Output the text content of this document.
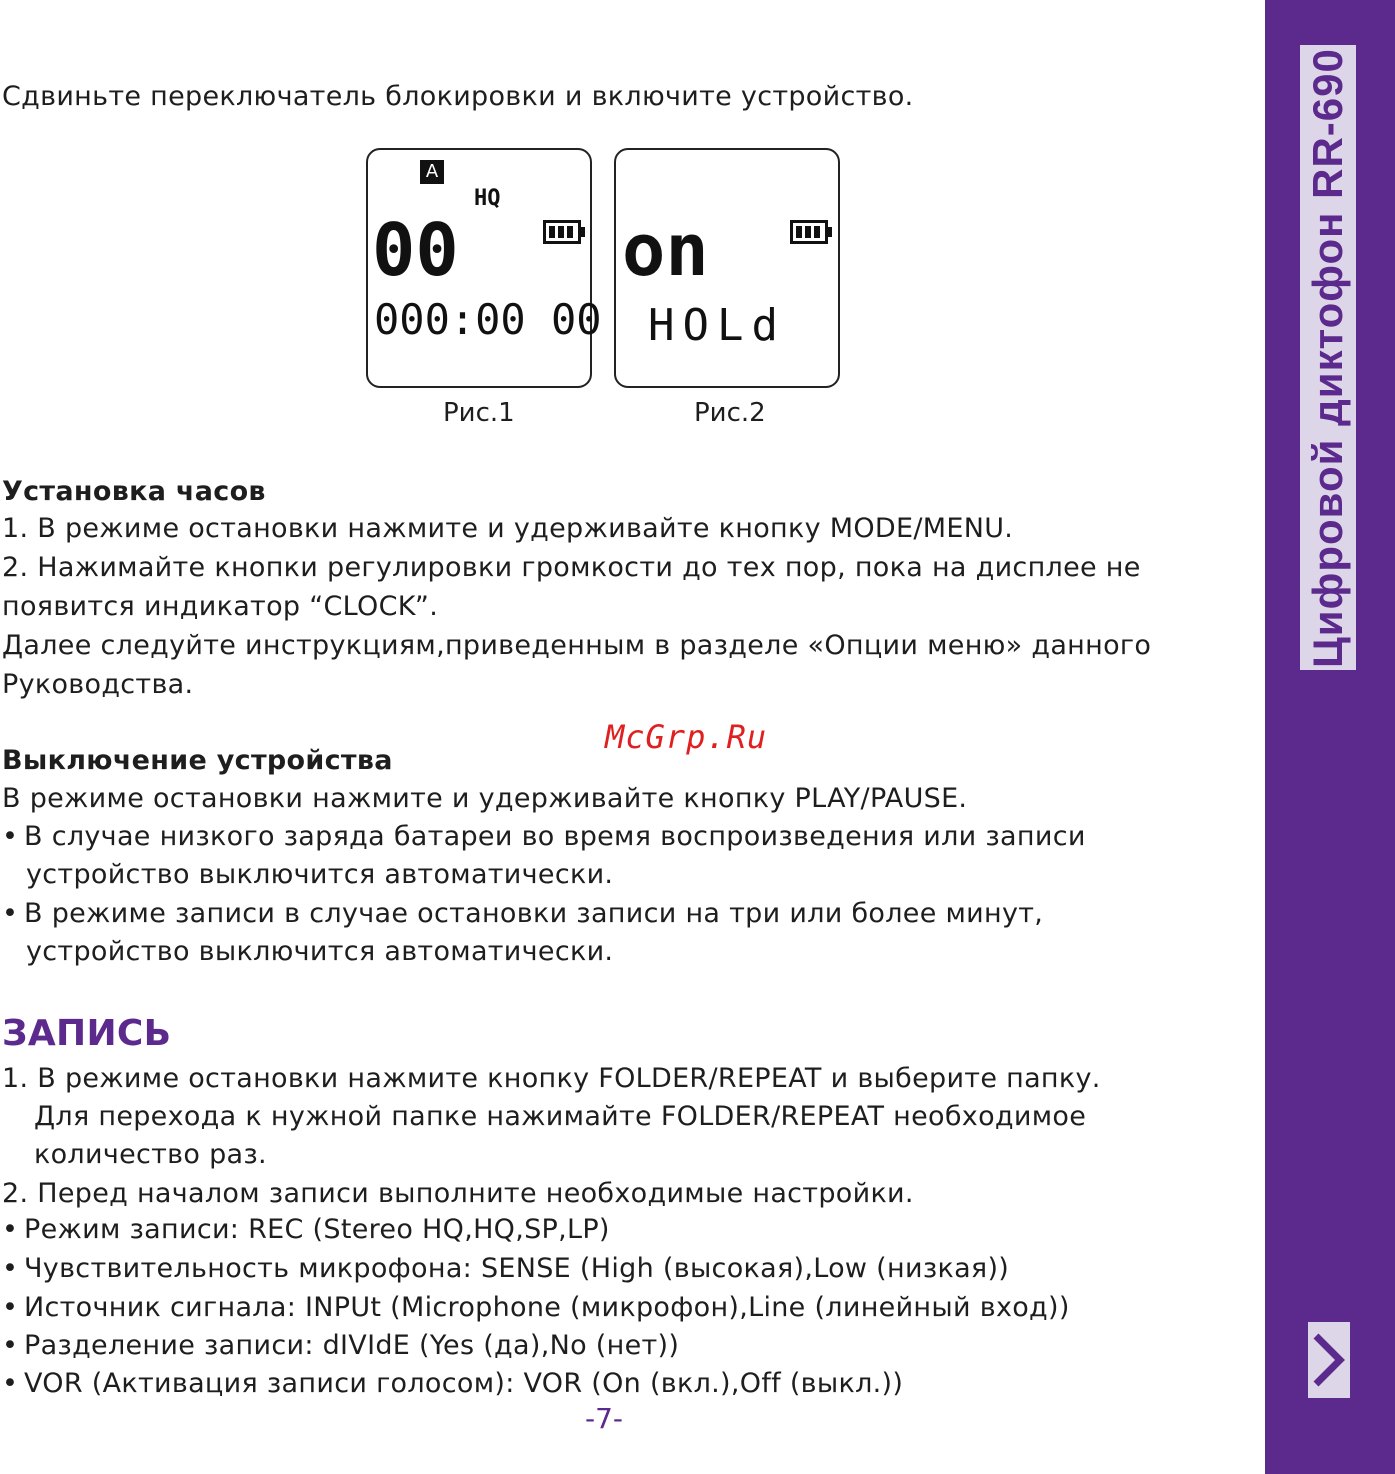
Сдвиньте переключатель блокировки и включите устройство.
A
HQ
00
000:00 00
Рис.1
on
HOLd
Рис.2
Установка часов
1. В режиме остановки нажмите и удерживайте кнопку MODE/MENU.
2. Нажимайте кнопки регулировки громкости до тех пор, пока на дисплее не
появится индикатор “CLOCK”.
Далее следуйте инструкциям,приведенным в разделе «Опции меню» данного
Руководства.
McGrp.Ru
Выключение устройства
В режиме остановки нажмите и удерживайте кнопку PLAY/PAUSE.
• В случае низкого заряда батареи во время воспроизведения или записи
устройство выключится автоматически.
• В режиме записи в случае остановки записи на три или более минут,
устройство выключится автоматически.
ЗАПИСЬ
1. В режиме остановки нажмите кнопку FOLDER/REPEAT и выберите папку.
Для перехода к нужной папке нажимайте FOLDER/REPEAT необходимое
количество раз.
2. Перед началом записи выполните необходимые настройки.
• Режим записи: REC (Stereo HQ,HQ,SP,LP)
• Чувствительность микрофона: SENSE (High (высокая),Low (низкая))
• Источник сигнала: INPUt (Microphone (микрофон),Line (линейный вход))
• Разделение записи: dIVIdE (Yes (да),No (нет))
• VOR (Активация записи голосом): VOR (On (вкл.),Off (выкл.))
-7-
Цифровой диктофон RR-690
